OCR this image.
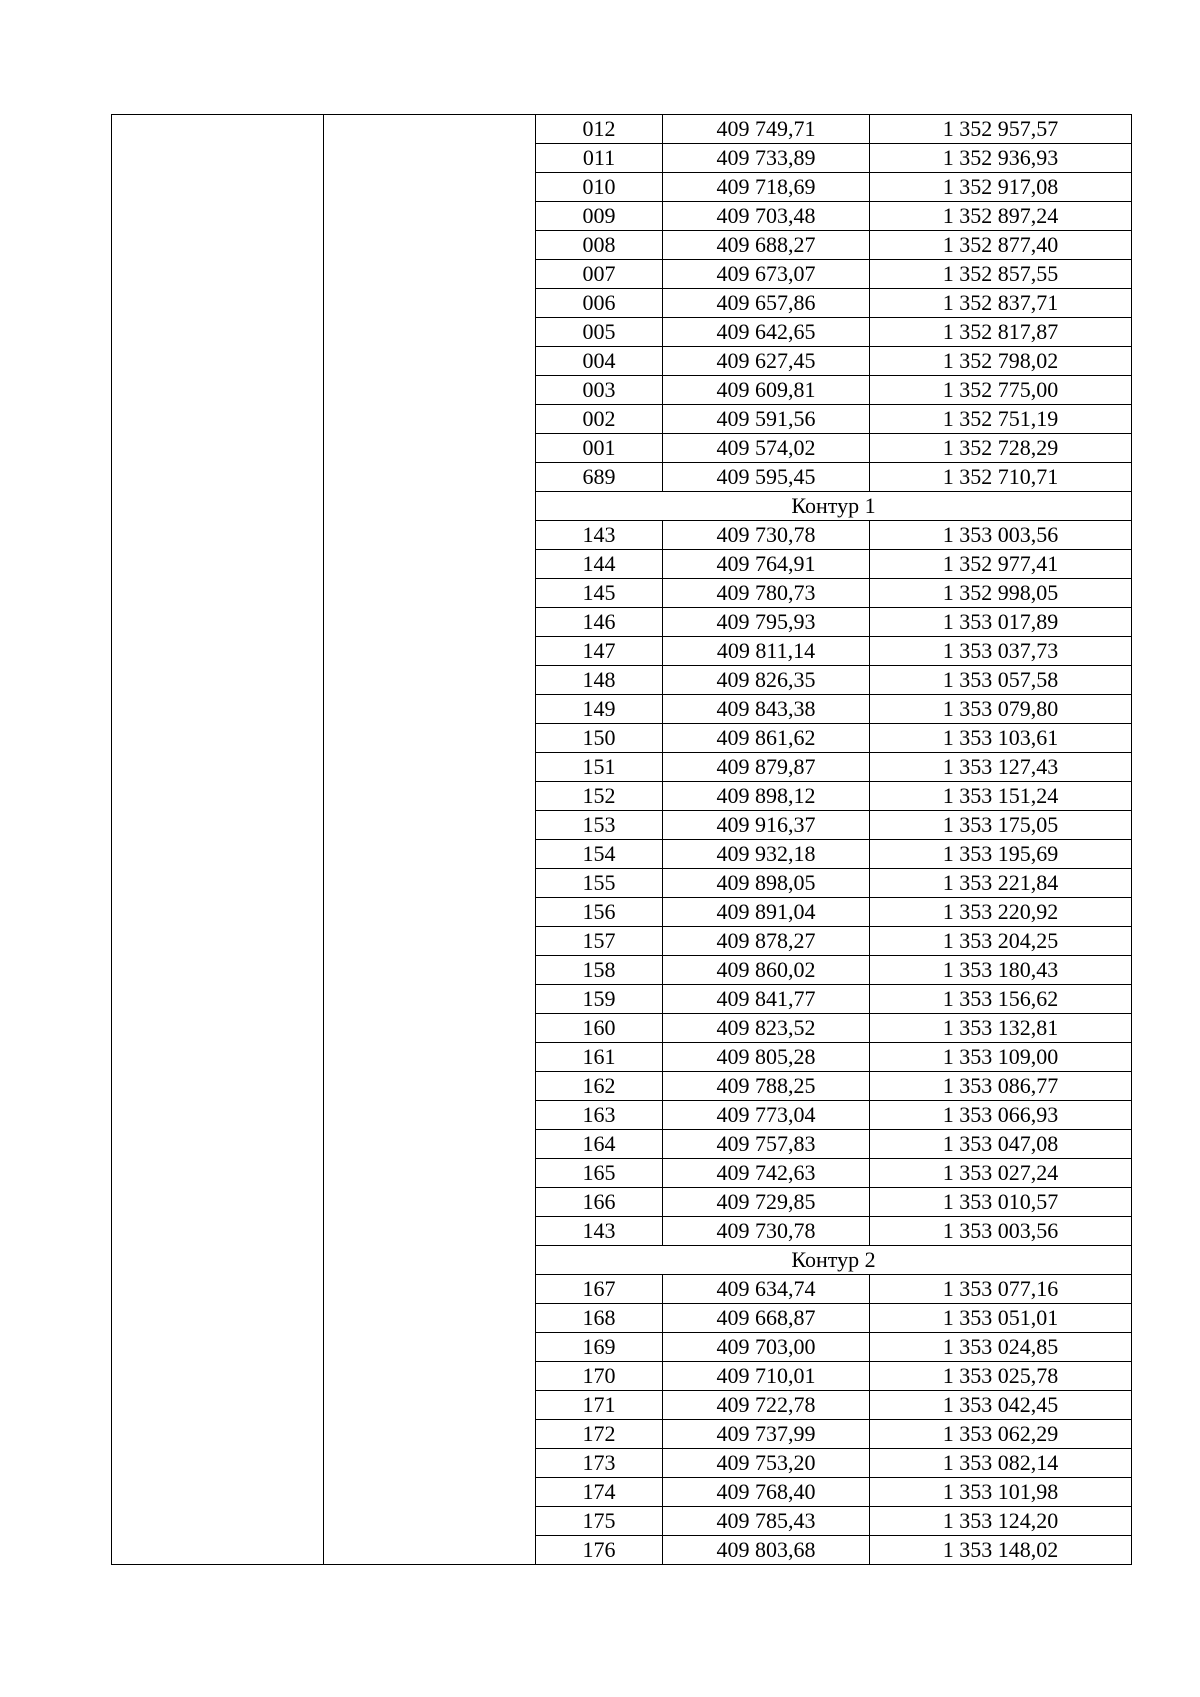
		012	409 749,71	1 352 957,57
		011	409 733,89	1 352 936,93
		010	409 718,69	1 352 917,08
		009	409 703,48	1 352 897,24
		008	409 688,27	1 352 877,40
		007	409 673,07	1 352 857,55
		006	409 657,86	1 352 837,71
		005	409 642,65	1 352 817,87
		004	409 627,45	1 352 798,02
		003	409 609,81	1 352 775,00
		002	409 591,56	1 352 751,19
		001	409 574,02	1 352 728,29
		689	409 595,45	1 352 710,71
		Контур 1		
		143	409 730,78	1 353 003,56
		144	409 764,91	1 352 977,41
		145	409 780,73	1 352 998,05
		146	409 795,93	1 353 017,89
		147	409 811,14	1 353 037,73
		148	409 826,35	1 353 057,58
		149	409 843,38	1 353 079,80
		150	409 861,62	1 353 103,61
		151	409 879,87	1 353 127,43
		152	409 898,12	1 353 151,24
		153	409 916,37	1 353 175,05
		154	409 932,18	1 353 195,69
		155	409 898,05	1 353 221,84
		156	409 891,04	1 353 220,92
		157	409 878,27	1 353 204,25
		158	409 860,02	1 353 180,43
		159	409 841,77	1 353 156,62
		160	409 823,52	1 353 132,81
		161	409 805,28	1 353 109,00
		162	409 788,25	1 353 086,77
		163	409 773,04	1 353 066,93
		164	409 757,83	1 353 047,08
		165	409 742,63	1 353 027,24
		166	409 729,85	1 353 010,57
		143	409 730,78	1 353 003,56
		Контур 2		
		167	409 634,74	1 353 077,16
		168	409 668,87	1 353 051,01
		169	409 703,00	1 353 024,85
		170	409 710,01	1 353 025,78
		171	409 722,78	1 353 042,45
		172	409 737,99	1 353 062,29
		173	409 753,20	1 353 082,14
		174	409 768,40	1 353 101,98
		175	409 785,43	1 353 124,20
		176	409 803,68	1 353 148,02
